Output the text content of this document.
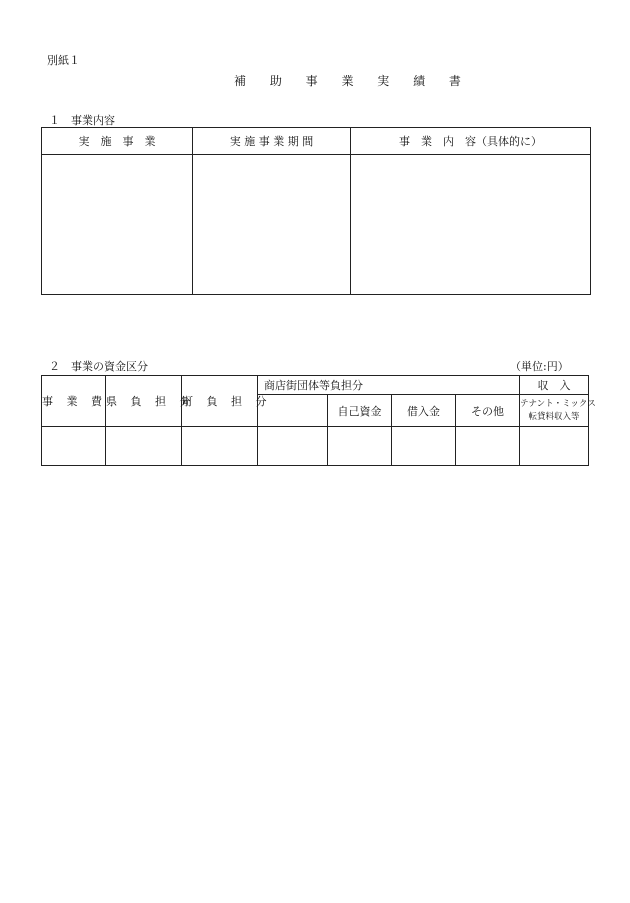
別紙１
補 助 事 業 実 績 書
１　事業内容
実　施　事　業	実 施 事 業 期 間	事　業　内　容（具体的に）

２　事業の資金区分	（単位:円）
事 業 費	県 負 担 分	町 負 担 分	商店街団体等負担分				収　入
				自己資金	借入金	その他	テナント・ミックス
転貸料収入等
